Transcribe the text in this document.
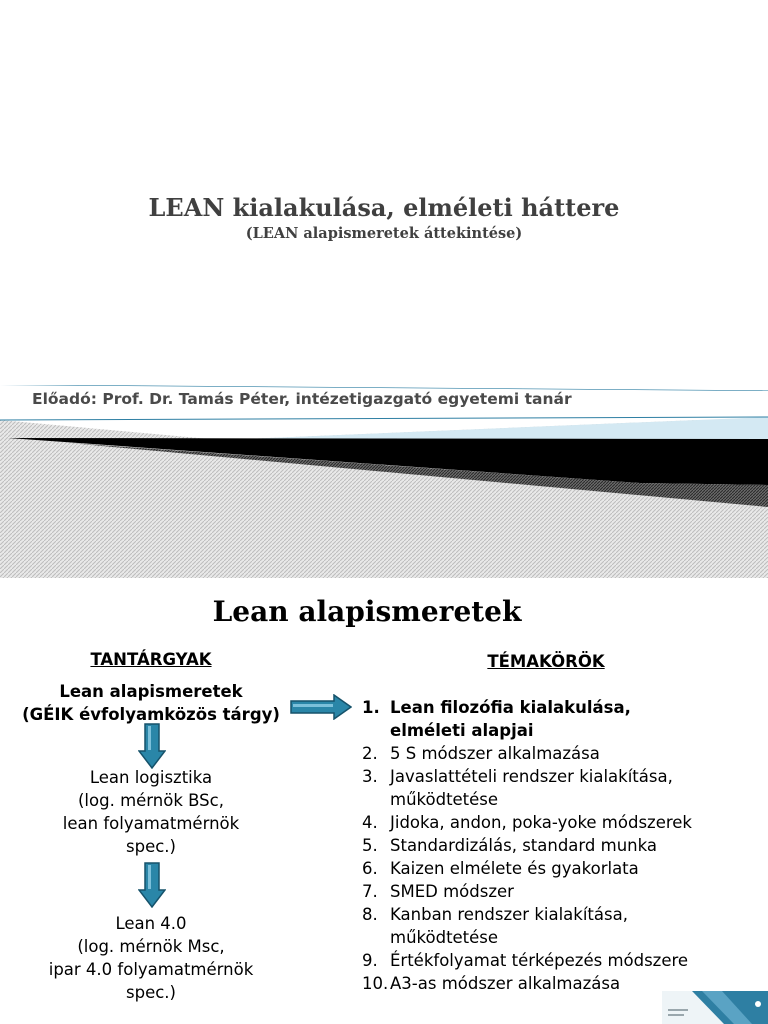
LEAN kialakulása, elméleti háttere
(LEAN alapismeretek áttekintése)
Előadó: Prof. Dr. Tamás Péter, intézetigazgató egyetemi tanár
Lean alapismeretek
TANTÁRGYAK	TÉMAKÖRÖK
Lean alapismeretek
(GÉIK évfolyamközös tárgy)
Lean logisztika
(log. mérnök BSc,
lean folyamatmérnök
spec.)
Lean 4.0
(log. mérnök Msc,
ipar 4.0 folyamatmérnök
spec.)
1. Lean filozófia kialakulása,
elméleti alapjai
2. 5 S módszer alkalmazása
3. Javaslattételi rendszer kialakítása,
működtetése
4. Jidoka, andon, poka-yoke módszerek
5. Standardizálás, standard munka
6. Kaizen elmélete és gyakorlata
7. SMED módszer
8. Kanban rendszer kialakítása,
működtetése
9. Értékfolyamat térképezés módszere
10. A3-as módszer alkalmazása
